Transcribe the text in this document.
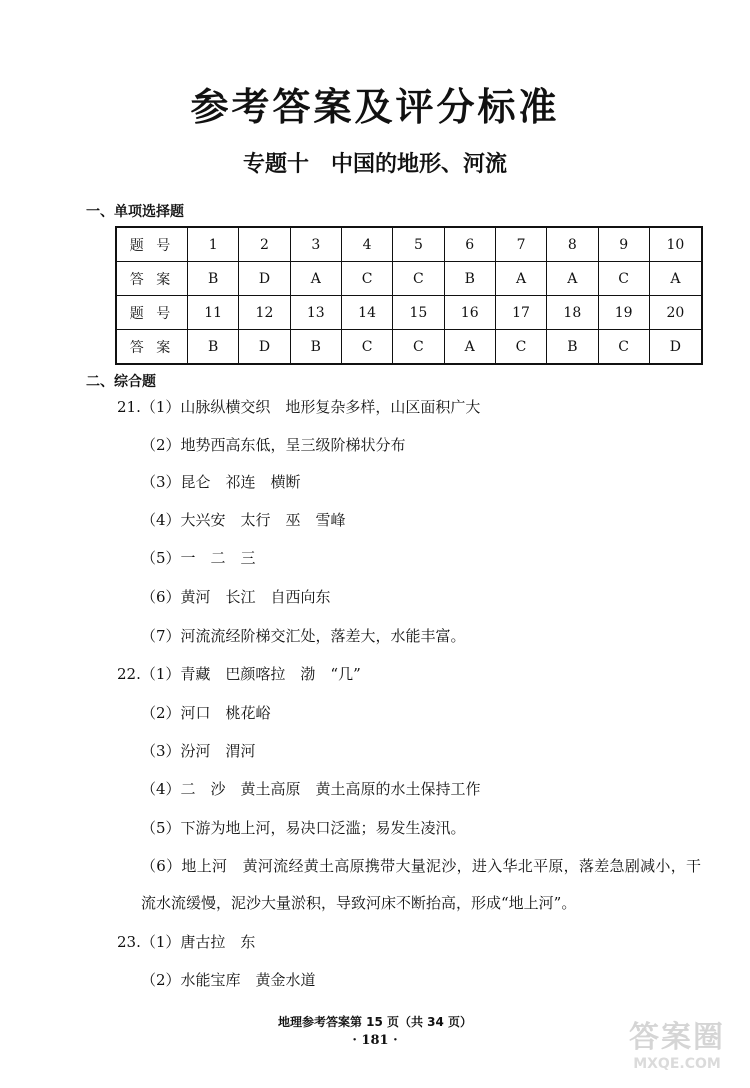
参考答案及评分标准
专题十　中国的地形、河流
一、单项选择题
题 号	1	2	3	4	5	6	7	8	9	10
答 案	B	D	A	C	C	B	A	A	C	A
题 号	11	12	13	14	15	16	17	18	19	20
答 案	B	D	B	C	C	A	C	B	C	D
二、综合题
21.（1）山脉纵横交织　地形复杂多样，山区面积广大
（2）地势西高东低，呈三级阶梯状分布
（3）昆仑　祁连　横断
（4）大兴安　太行　巫　雪峰
（5）一　二　三
（6）黄河　长江　自西向东
（7）河流流经阶梯交汇处，落差大，水能丰富。
22.（1）青藏　巴颜喀拉　渤　“几”
（2）河口　桃花峪
（3）汾河　渭河
（4）二　沙　黄土高原　黄土高原的水土保持工作
（5）下游为地上河，易决口泛滥；易发生凌汛。
（6）地上河　黄河流经黄土高原携带大量泥沙，进入华北平原，落差急剧减小，干流水流缓慢，泥沙大量淤积，导致河床不断抬高，形成“地上河”。
23.（1）唐古拉　东
（2）水能宝库　黄金水道
地理参考答案第 15 页（共 34 页）
· 181 ·	答案圈
MXQE.COM
